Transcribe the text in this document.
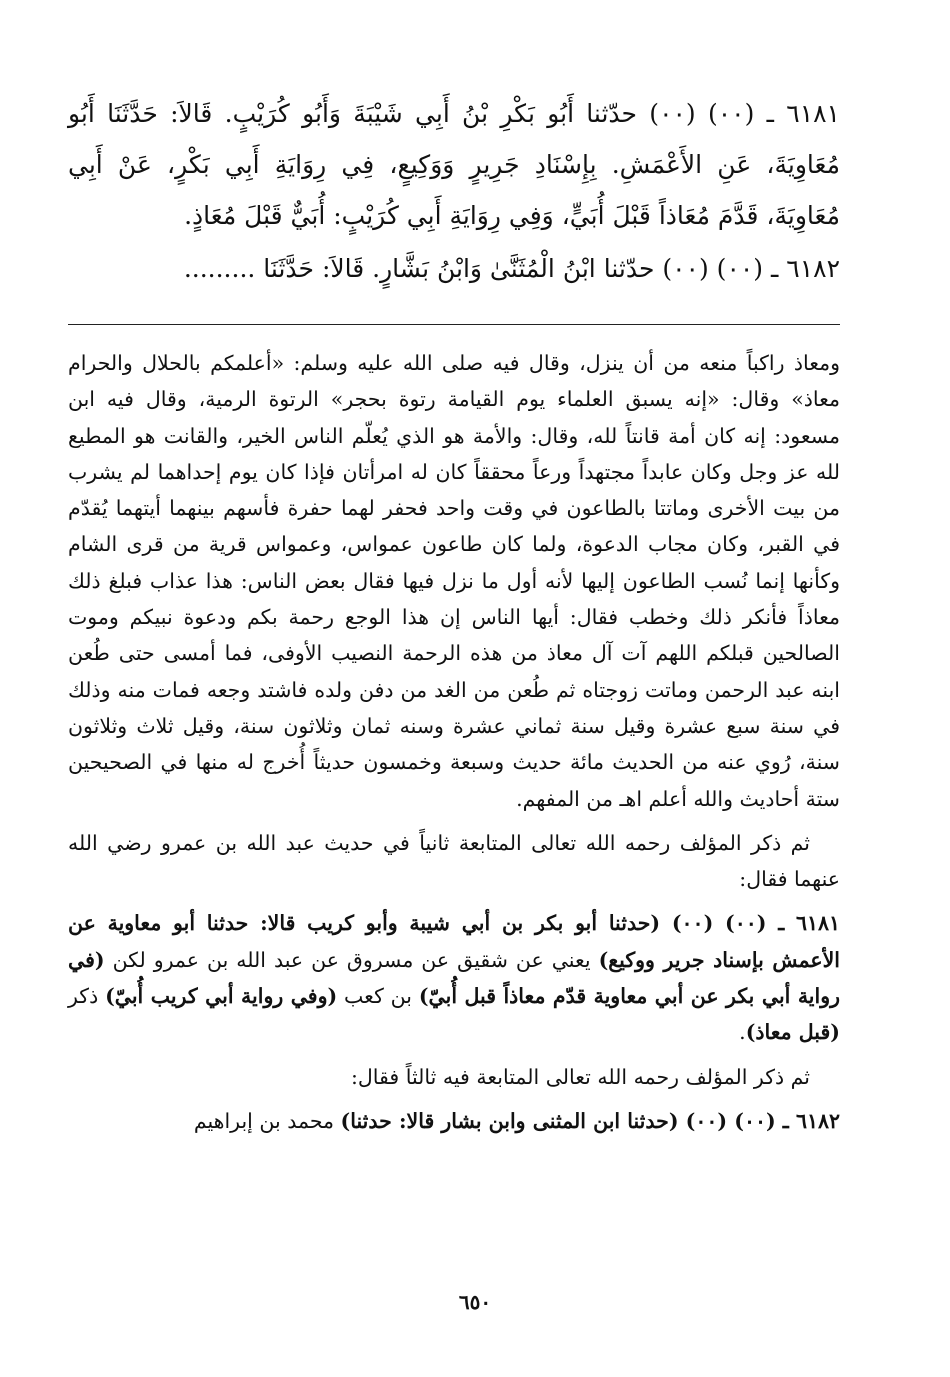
٦١٨١ ـ (٠٠) (٠٠) حدّثنا أَبُو بَكْرِ بْنُ أَبِي شَيْبَةَ وَأَبُو كُرَيْبٍ. قَالاَ: حَدَّثَنَا أَبُو مُعَاوِيَةَ، عَنِ الأَعْمَشِ. بِإِسْنَادِ جَرِيرٍ وَوَكِيعٍ، فِي رِوَايَةِ أَبِي بَكْرٍ، عَنْ أَبِي مُعَاوِيَةَ، قَدَّمَ مُعَاذاً قَبْلَ أُبَيٍّ، وَفِي رِوَايَةِ أَبِي كُرَيْبٍ: أُبَيٌّ قَبْلَ مُعَاذٍ.

٦١٨٢ ـ (٠٠) (٠٠) حدّثنا ابْنُ الْمُثَنَّىٰ وَابْنُ بَشَّارٍ. قَالاَ: حَدَّثَنَا .........

ومعاذ راكباً منعه من أن ينزل، وقال فيه صلى الله عليه وسلم: «أعلمكم بالحلال والحرام معاذ» وقال: «إنه يسبق العلماء يوم القيامة رتوة بحجر» الرتوة الرمية، وقال فيه ابن مسعود: إنه كان أمة قانتاً لله، وقال: والأمة هو الذي يُعلّم الناس الخير، والقانت هو المطيع لله عز وجل وكان عابداً مجتهداً ورعاً محققاً كان له امرأتان فإذا كان يوم إحداهما لم يشرب من بيت الأخرى وماتتا بالطاعون في وقت واحد فحفر لهما حفرة فأسهم بينهما أيتهما يُقدّم في القبر، وكان مجاب الدعوة، ولما كان طاعون عمواس، وعمواس قرية من قرى الشام وكأنها إنما نُسب الطاعون إليها لأنه أول ما نزل فيها فقال بعض الناس: هذا عذاب فبلغ ذلك معاذاً فأنكر ذلك وخطب فقال: أيها الناس إن هذا الوجع رحمة بكم ودعوة نبيكم وموت الصالحين قبلكم اللهم آت آل معاذ من هذه الرحمة النصيب الأوفى، فما أمسى حتى طُعن ابنه عبد الرحمن وماتت زوجتاه ثم طُعن من الغد من دفن ولده فاشتد وجعه فمات منه وذلك في سنة سبع عشرة وقيل سنة ثماني عشرة وسنه ثمان وثلاثون سنة، وقيل ثلاث وثلاثون سنة، رُوي عنه من الحديث مائة حديث وسبعة وخمسون حديثاً أُخرج له منها في الصحيحين ستة أحاديث والله أعلم اهـ من المفهم.

ثم ذكر المؤلف رحمه الله تعالى المتابعة ثانياً في حديث عبد الله بن عمرو رضي الله عنهما فقال:

٦١٨١ ـ (٠٠) (٠٠) (حدثنا أبو بكر بن أبي شيبة وأبو كريب قالا: حدثنا أبو معاوية عن الأعمش بإسناد جرير ووكيع) يعني عن شقيق عن مسروق عن عبد الله بن عمرو لكن (في رواية أبي بكر عن أبي معاوية قدّم معاذاً قبل أُبيّ) بن كعب (وفي رواية أبي كريب أُبيّ) ذكر (قبل معاذ).

ثم ذكر المؤلف رحمه الله تعالى المتابعة فيه ثالثاً فقال:

٦١٨٢ ـ (٠٠) (٠٠) (حدثنا ابن المثنى وابن بشار قالا: حدثنا) محمد بن إبراهيم

٦٥٠
